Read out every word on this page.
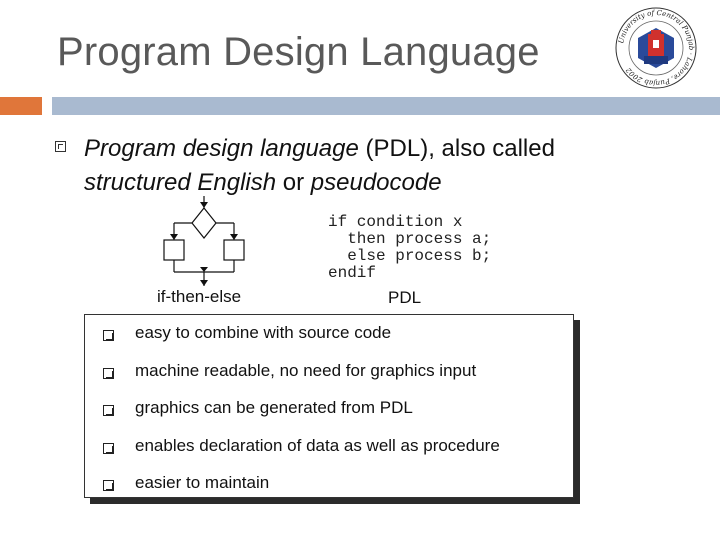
Program Design Language	University of Central Punjab · Lahore, Punjab 2002
Program design language (PDL), also called
structured English or pseudocode
if-then-else
if condition x
then process a;
else process b;
endif
PDL
easy to combine with source code
machine readable, no need for graphics input
graphics can be generated from PDL
enables declaration of data as well as procedure
easier to maintain
